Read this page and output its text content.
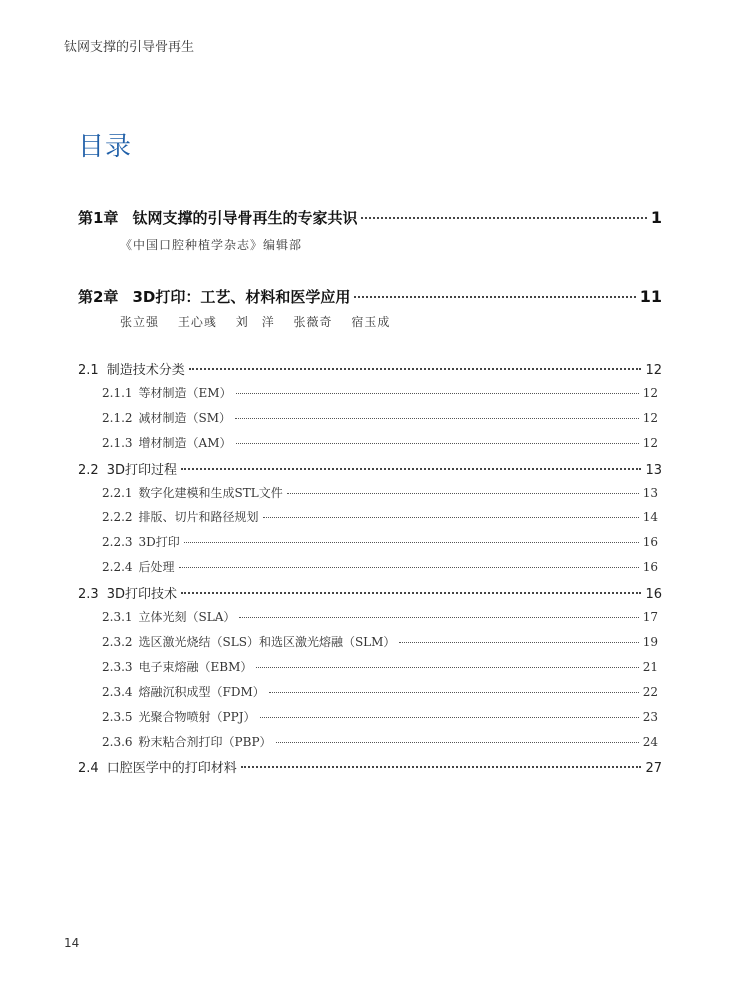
钛网支撑的引导骨再生
目录
第1章 钛网支撑的引导骨再生的专家共识	1
《中国口腔种植学杂志》编辑部
第2章 3D打印：工艺、材料和医学应用	11
张立强 王心彧 刘　洋 张薇奇 宿玉成
2.1 制造技术分类	12
2.1.1 等材制造（EM）	12
2.1.2 减材制造（SM）	12
2.1.3 增材制造（AM）	12
2.2 3D打印过程	13
2.2.1 数字化建模和生成STL文件	13
2.2.2 排版、切片和路径规划	14
2.2.3 3D打印	16
2.2.4 后处理	16
2.3 3D打印技术	16
2.3.1 立体光刻（SLA）	17
2.3.2 选区激光烧结（SLS）和选区激光熔融（SLM）	19
2.3.3 电子束熔融（EBM）	21
2.3.4 熔融沉积成型（FDM）	22
2.3.5 光聚合物喷射（PPJ）	23
2.3.6 粉末粘合剂打印（PBP）	24
2.4 口腔医学中的打印材料	27
14
